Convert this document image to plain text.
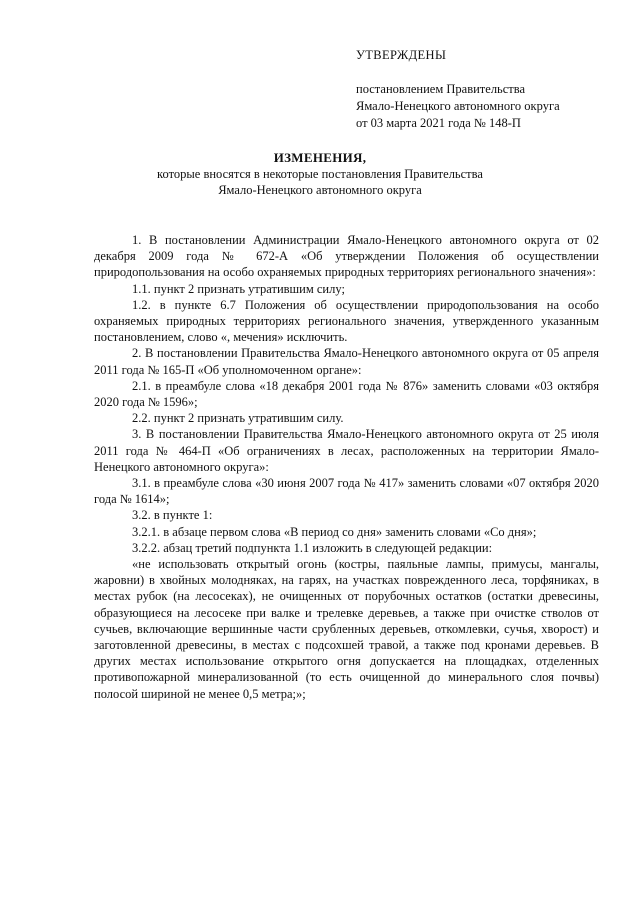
УТВЕРЖДЕНЫ
постановлением Правительства
Ямало-Ненецкого автономного округа
от 03 марта 2021 года № 148-П
ИЗМЕНЕНИЯ,
которые вносятся в некоторые постановления Правительства
Ямало-Ненецкого автономного округа

1. В постановлении Администрации Ямало-Ненецкого автономного округа от 02 декабря 2009 года № 672-А «Об утверждении Положения об осуществлении природопользования на особо охраняемых природных территориях регионального значения»:

1.1. пункт 2 признать утратившим силу;

1.2. в пункте 6.7 Положения об осуществлении природопользования на особо охраняемых природных территориях регионального значения, утвержденного указанным постановлением, слово «, мечения» исключить.

2. В постановлении Правительства Ямало-Ненецкого автономного округа от 05 апреля 2011 года № 165-П «Об уполномоченном органе»:

2.1. в преамбуле слова «18 декабря 2001 года № 876» заменить словами «03 октября 2020 года № 1596»;

2.2. пункт 2 признать утратившим силу.

3. В постановлении Правительства Ямало-Ненецкого автономного округа от 25 июля 2011 года № 464-П «Об ограничениях в лесах, расположенных на территории Ямало-Ненецкого автономного округа»:

3.1. в преамбуле слова «30 июня 2007 года № 417» заменить словами «07 октября 2020 года № 1614»;

3.2. в пункте 1:

3.2.1. в абзаце первом слова «В период со дня» заменить словами «Со дня»;

3.2.2. абзац третий подпункта 1.1 изложить в следующей редакции:

«не использовать открытый огонь (костры, паяльные лампы, примусы, мангалы, жаровни) в хвойных молодняках, на гарях, на участках поврежденного леса, торфяниках, в местах рубок (на лесосеках), не очищенных от порубочных остатков (остатки древесины, образующиеся на лесосеке при валке и трелевке деревьев, а также при очистке стволов от сучьев, включающие вершинные части срубленных деревьев, откомлевки, сучья, хворост) и заготовленной древесины, в местах с подсохшей травой, а также под кронами деревьев. В других местах использование открытого огня допускается на площадках, отделенных противопожарной минерализованной (то есть очищенной до минерального слоя почвы) полосой шириной не менее 0,5 метра;»;
